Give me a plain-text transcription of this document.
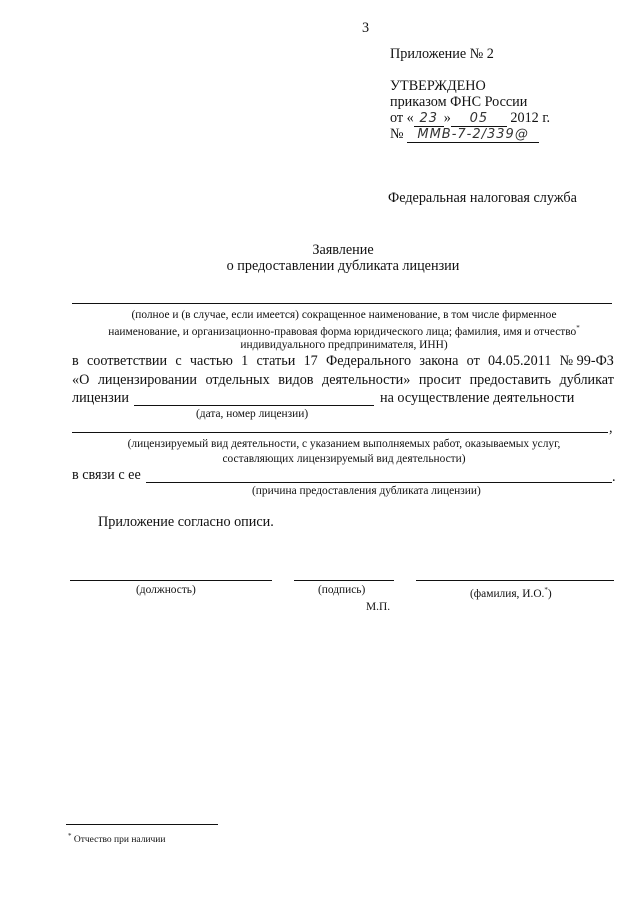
3
Приложение № 2
УТВЕРЖДЕНО
приказом ФНС России
от « 23 » 05 2012 г.
№ ММВ-7-2/339@
Федеральная налоговая служба
Заявление
о предоставлении дубликата лицензии
(полное и (в случае, если имеется) сокращенное наименование, в том числе фирменное
наименование, и организационно-правовая форма юридического лица; фамилия, имя и отчество*
индивидуального предпринимателя, ИНН)
в соответствии с частью 1 статьи 17 Федерального закона от 04.05.2011 № 99-ФЗ
«О лицензировании отдельных видов деятельности» просит предоставить дубликат
лицензии	на осуществление деятельности
(дата, номер лицензии)
,
(лицензируемый вид деятельности, с указанием выполняемых работ, оказываемых услуг,
составляющих лицензируемый вид деятельности)
в связи с ее	.
(причина предоставления дубликата лицензии)
Приложение согласно описи.
(должность)	(подпись)	(фамилия, И.О.*)
М.П.
* Отчество при наличии
